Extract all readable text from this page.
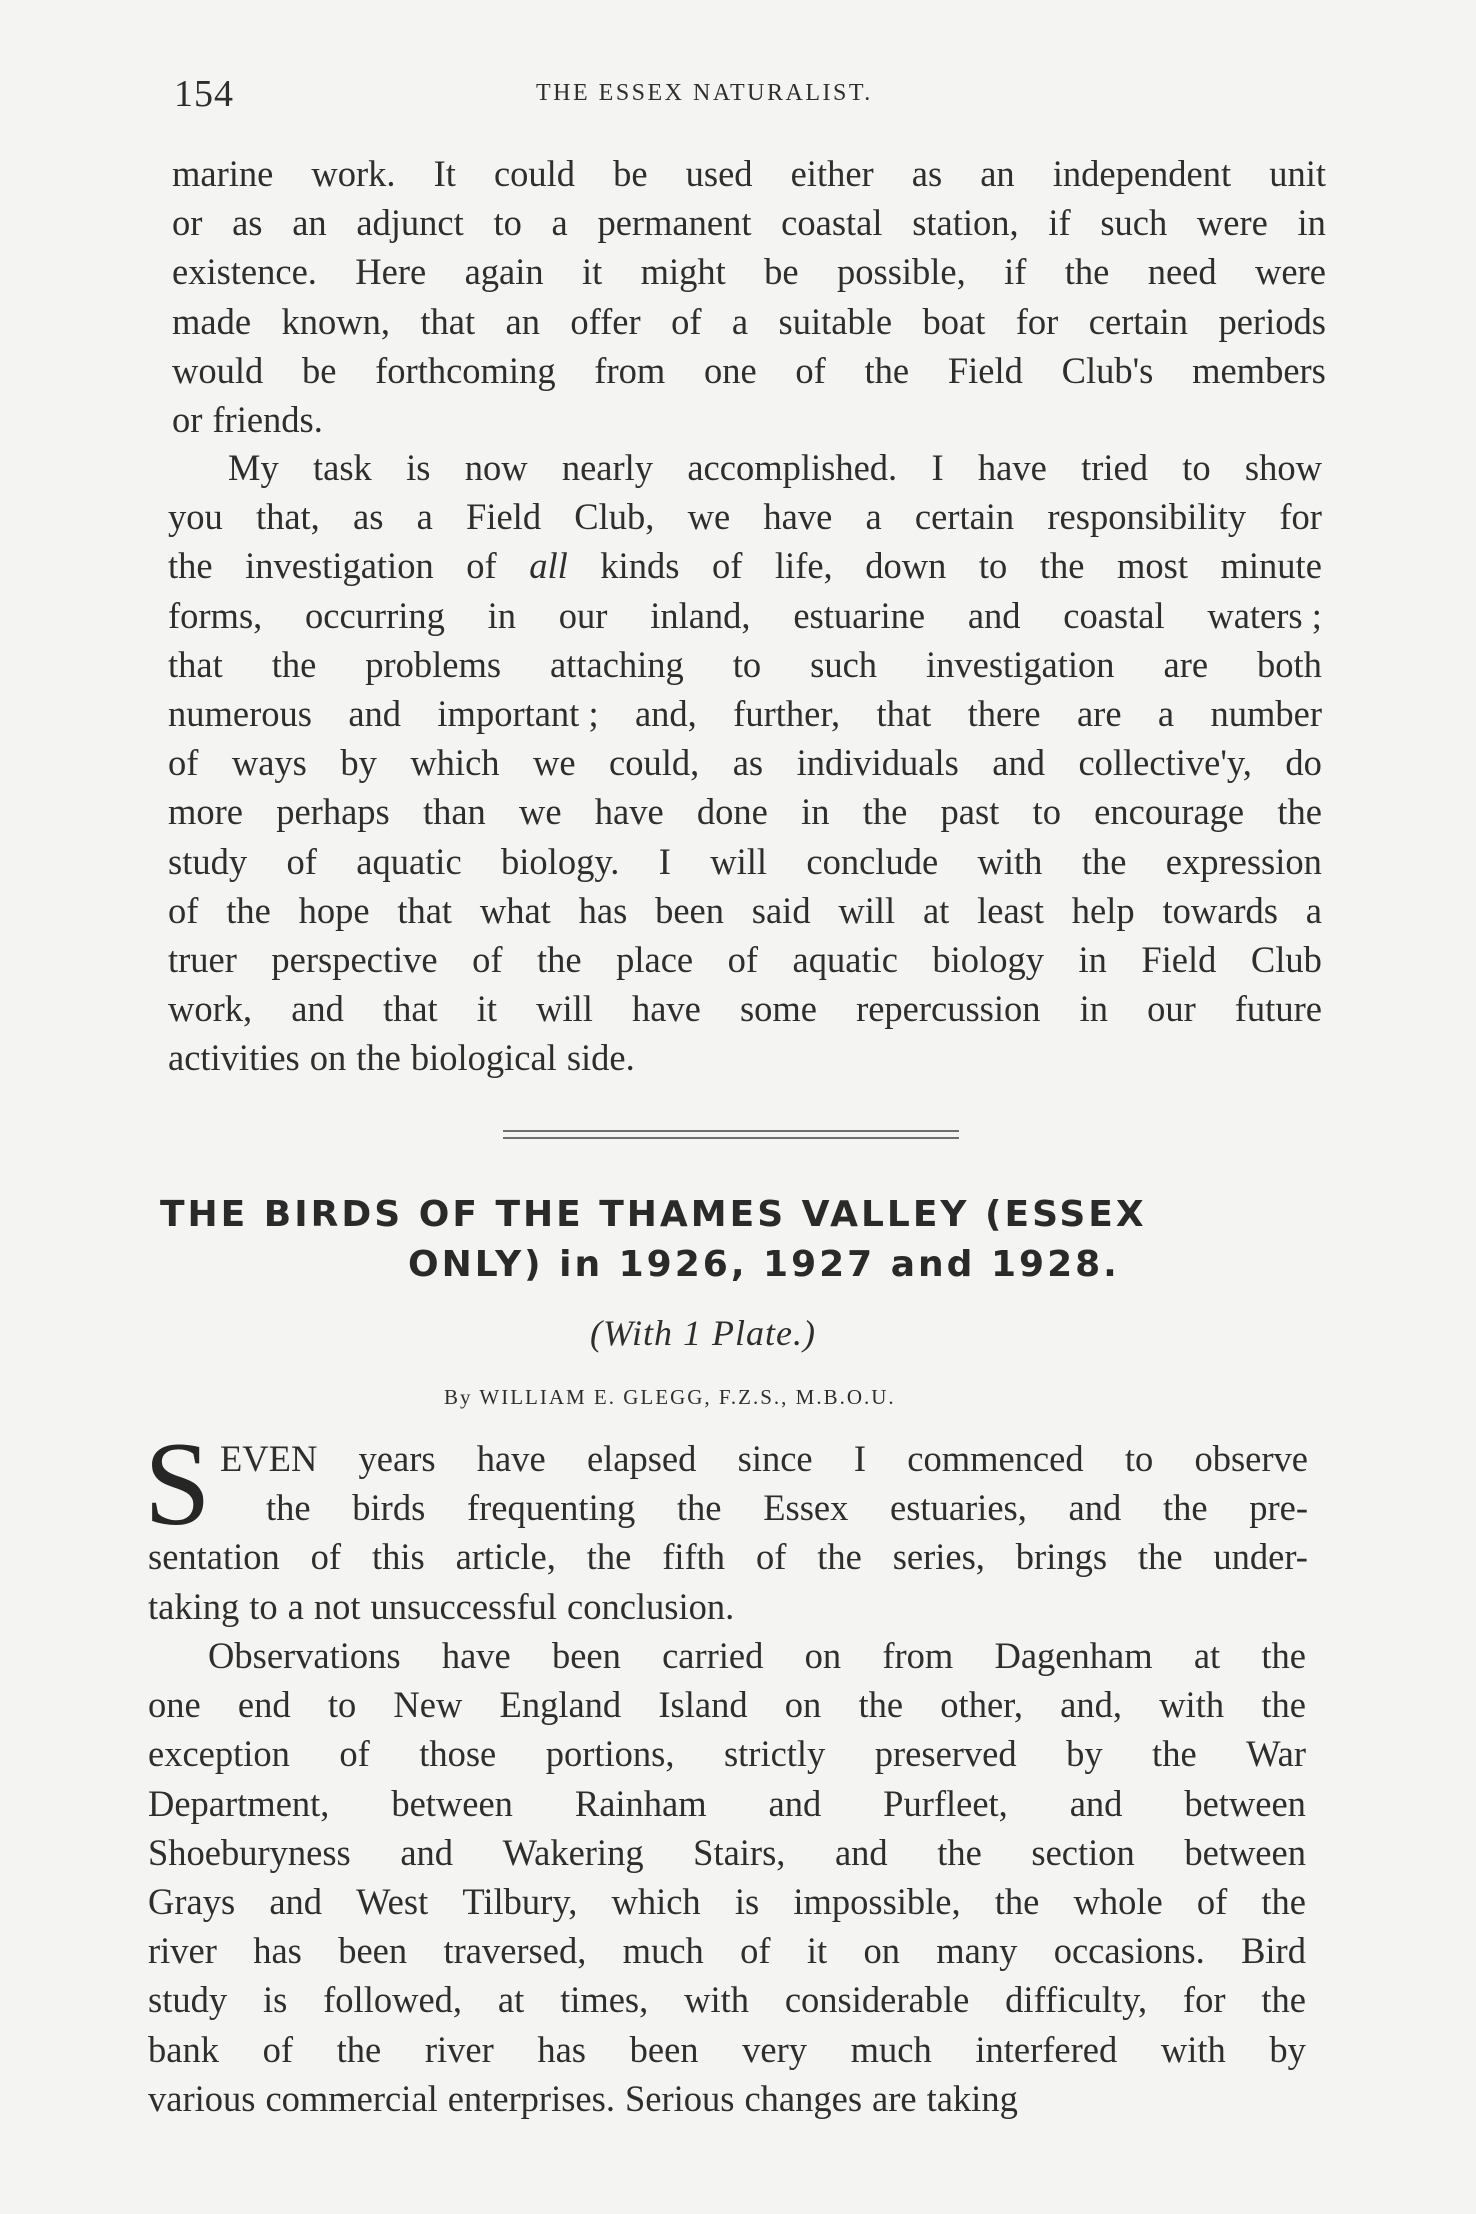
154	THE ESSEX NATURALIST.
marine work. It could be used either as an independent unit
or as an adjunct to a permanent coastal station, if such were in
existence. Here again it might be possible, if the need were
made known, that an offer of a suitable boat for certain periods
would be forthcoming from one of the Field Club's members
or friends.
My task is now nearly accomplished. I have tried to show
you that, as a Field Club, we have a certain responsibility for
the investigation of all kinds of life, down to the most minute
forms, occurring in our inland, estuarine and coastal waters ;
that the problems attaching to such investigation are both
numerous and important ; and, further, that there are a number
of ways by which we could, as individuals and collective'y, do
more perhaps than we have done in the past to encourage the
study of aquatic biology. I will conclude with the expression
of the hope that what has been said will at least help towards a
truer perspective of the place of aquatic biology in Field Club
work, and that it will have some repercussion in our future
activities on the biological side.
THE BIRDS OF THE THAMES VALLEY (ESSEX
ONLY) in 1926, 1927 and 1928.
(With 1 Plate.)
By WILLIAM E. GLEGG, F.Z.S., M.B.O.U.
S EVEN years have elapsed since I commenced to observe
the birds frequenting the Essex estuaries, and the pre-
sentation of this article, the fifth of the series, brings the under-
taking to a not unsuccessful conclusion.
Observations have been carried on from Dagenham at the
one end to New England Island on the other, and, with the
exception of those portions, strictly preserved by the War
Department, between Rainham and Purfleet, and between
Shoeburyness and Wakering Stairs, and the section between
Grays and West Tilbury, which is impossible, the whole of the
river has been traversed, much of it on many occasions. Bird
study is followed, at times, with considerable difficulty, for the
bank of the river has been very much interfered with by
various commercial enterprises. Serious changes are taking
